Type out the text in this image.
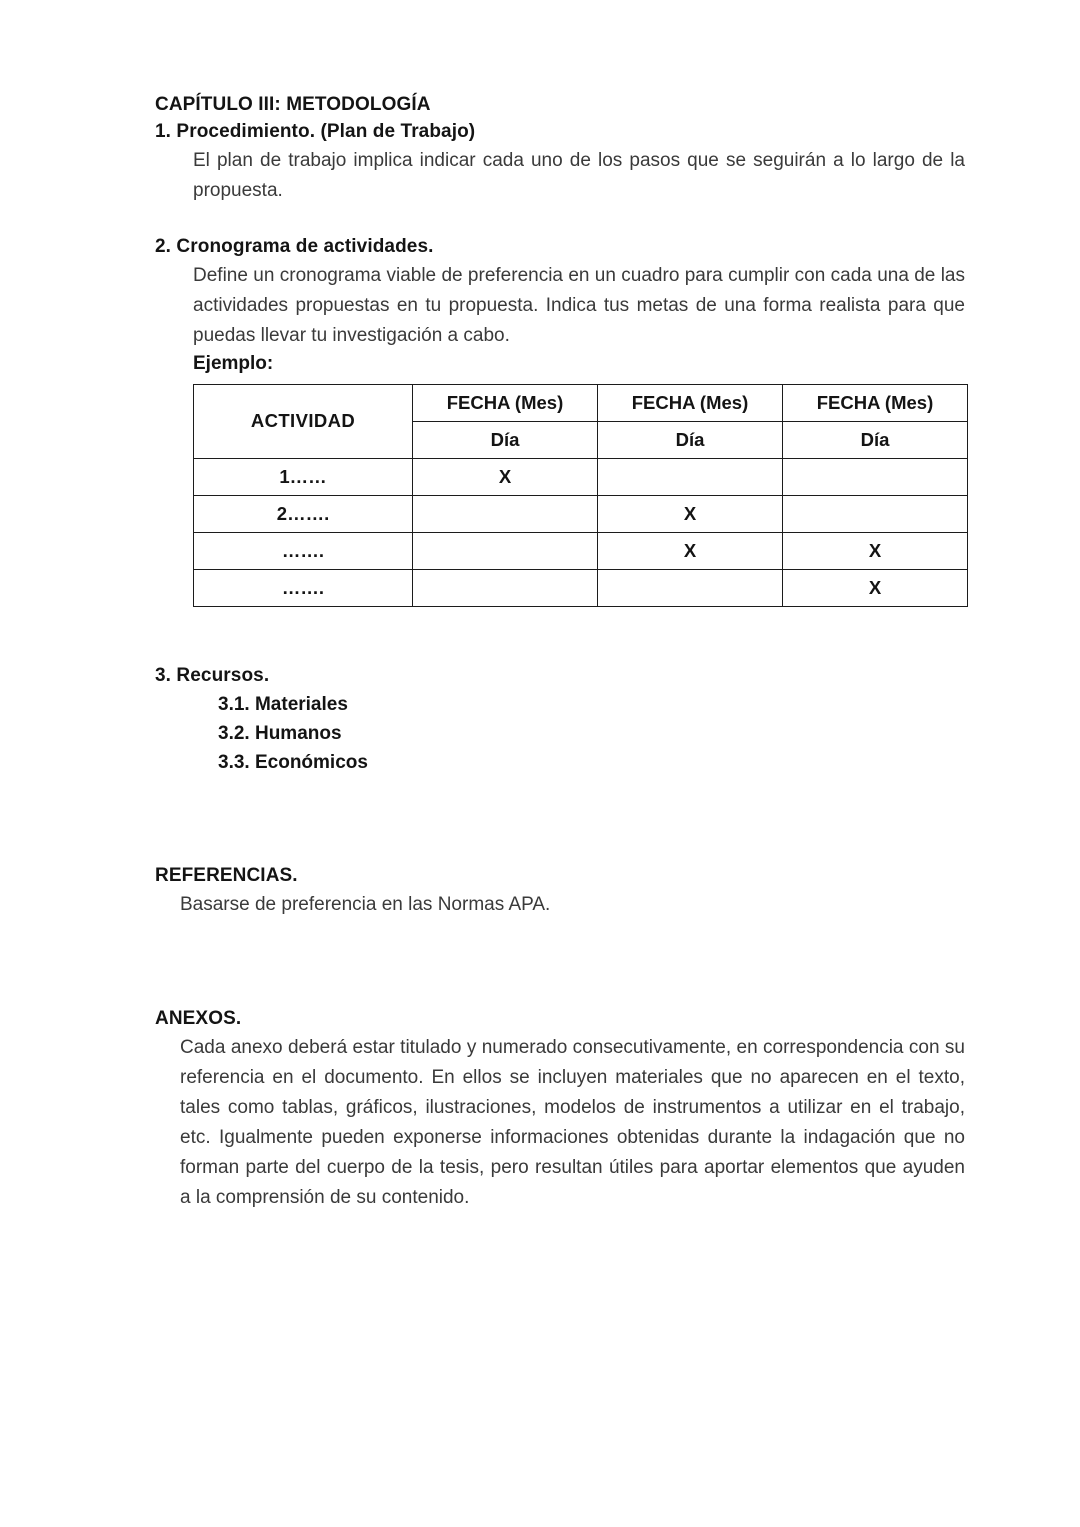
CAPÍTULO III: METODOLOGÍA
1. Procedimiento. (Plan de Trabajo)
El plan de trabajo implica indicar cada uno de los pasos que se seguirán a lo largo de la propuesta.
2. Cronograma de actividades.
Define un cronograma viable de preferencia en un cuadro para cumplir con cada una de las actividades propuestas en tu propuesta. Indica tus metas de una forma realista para que puedas llevar tu investigación a cabo.
Ejemplo:
ACTIVIDAD	FECHA (Mes)	FECHA (Mes)	FECHA (Mes)
	Día	Día	Día
1……	X		
2…….		X	
…….		X	X
…….			X
3. Recursos.
3.1. Materiales
3.2. Humanos
3.3. Económicos
REFERENCIAS.
Basarse de preferencia en las Normas APA.
ANEXOS.
Cada anexo deberá estar titulado y numerado consecutivamente, en correspondencia con su referencia en el documento. En ellos se incluyen materiales que no aparecen en el texto, tales como tablas, gráficos, ilustraciones, modelos de instrumentos a utilizar en el trabajo, etc. Igualmente pueden exponerse informaciones obtenidas durante la indagación que no forman parte del cuerpo de la tesis, pero resultan útiles para aportar elementos que ayuden a la comprensión de su contenido.
